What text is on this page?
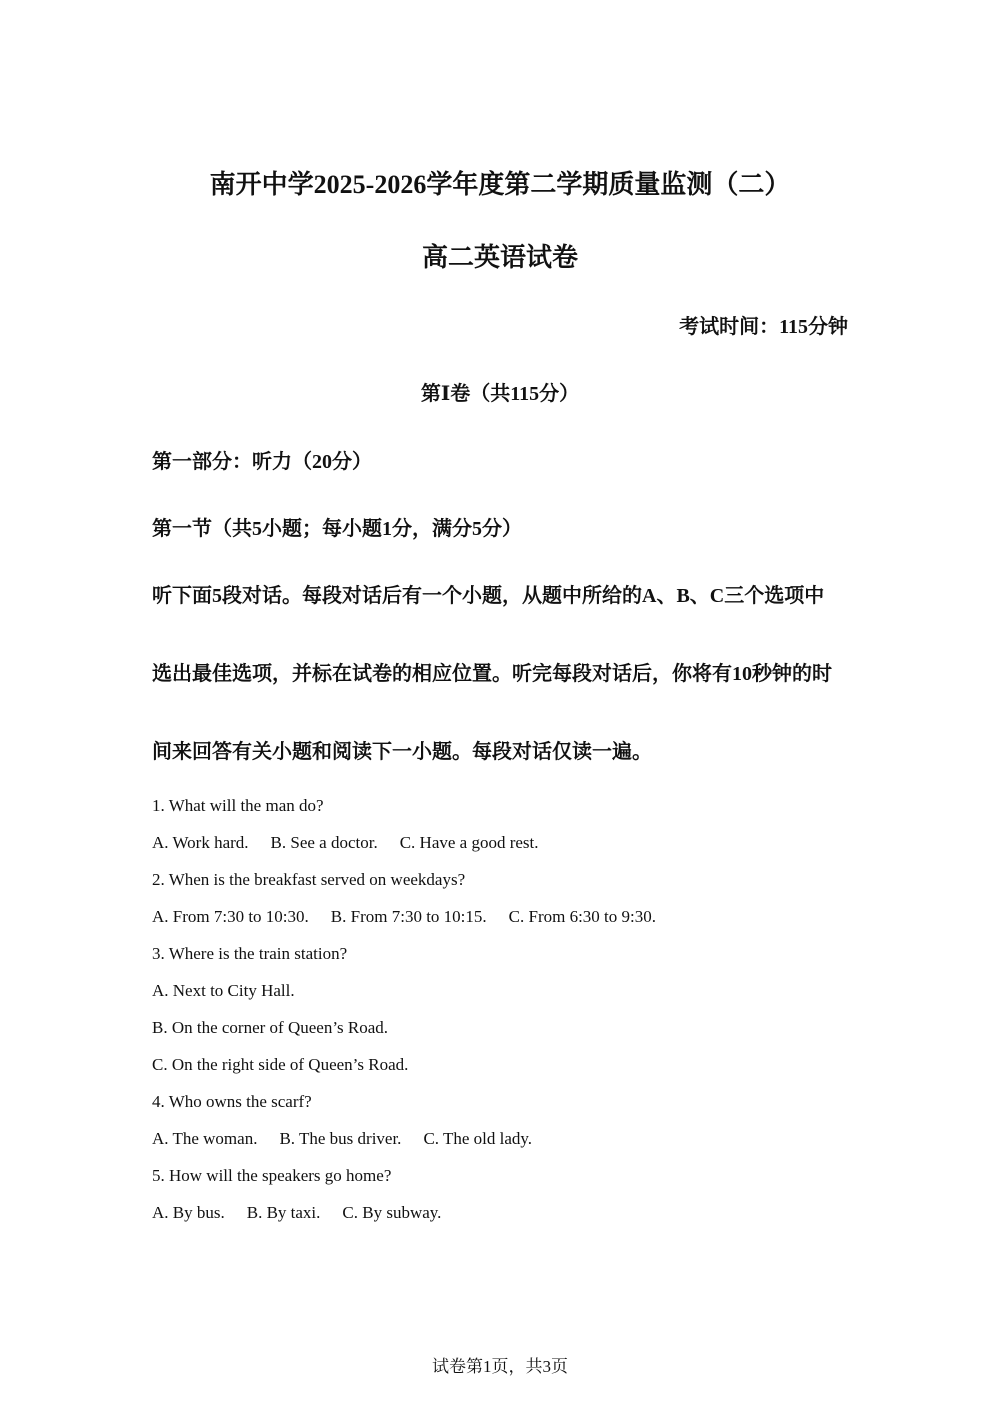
南开中学2025-2026学年度第二学期质量监测（二）
高二英语试卷
考试时间：115分钟
第Ⅰ卷（共115分）
第一部分：听力（20分）
第一节（共5小题；每小题1分，满分5分）
听下面5段对话。每段对话后有一个小题，从题中所给的A、B、C三个选项中
选出最佳选项，并标在试卷的相应位置。听完每段对话后，你将有10秒钟的时
间来回答有关小题和阅读下一小题。每段对话仅读一遍。
1. What will the man do?
A. Work hard. B. See a doctor. C. Have a good rest.
2. When is the breakfast served on weekdays?
A. From 7:30 to 10:30. B. From 7:30 to 10:15. C. From 6:30 to 9:30.
3. Where is the train station?
A. Next to City Hall.
B. On the corner of Queen’s Road.
C. On the right side of Queen’s Road.
4. Who owns the scarf?
A. The woman. B. The bus driver. C. The old lady.
5. How will the speakers go home?
A. By bus. B. By taxi. C. By subway.
试卷第1页，共3页
